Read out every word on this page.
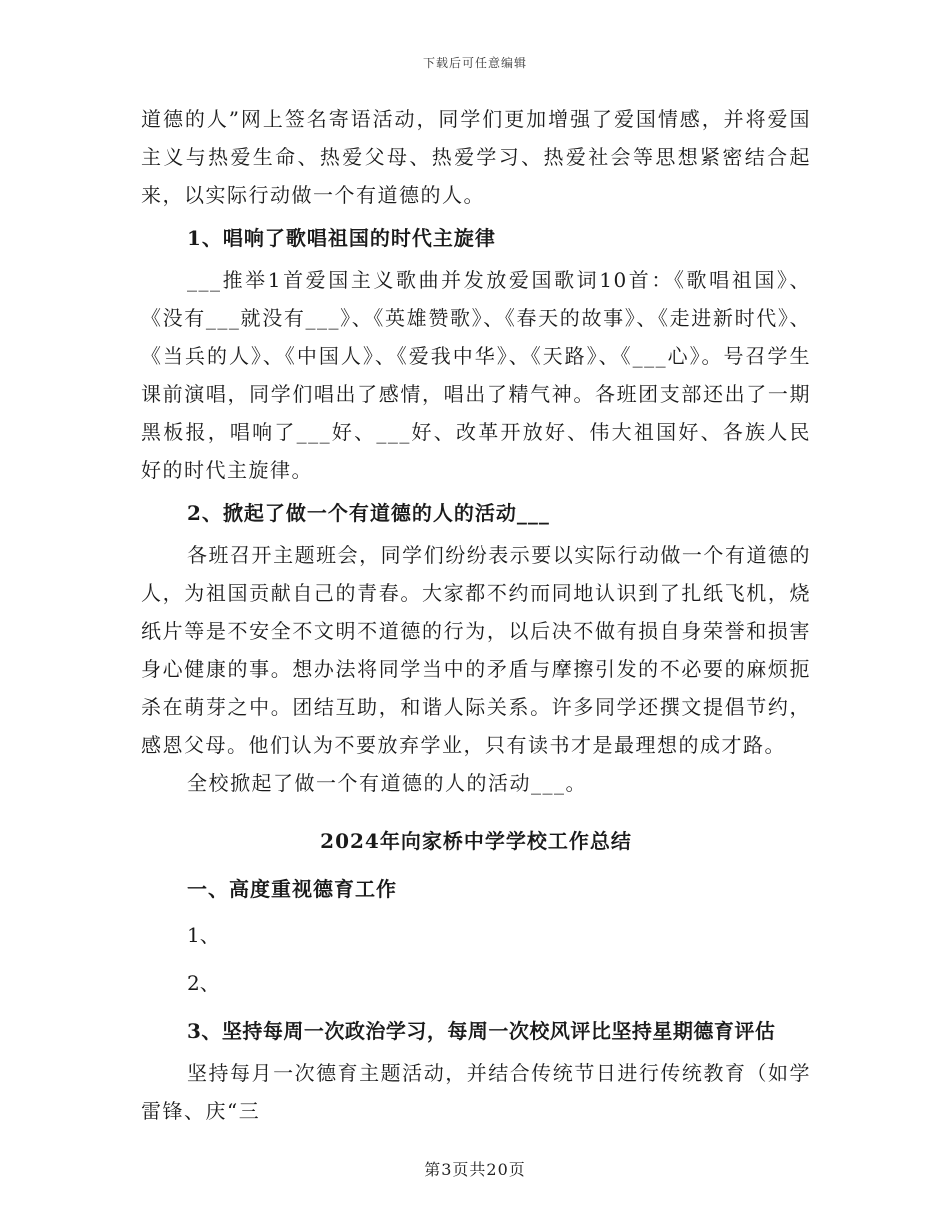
下载后可任意编辑

道德的人”网上签名寄语活动，同学们更加增强了爱国情感，并将爱国主义与热爱生命、热爱父母、热爱学习、热爱社会等思想紧密结合起来，以实际行动做一个有道德的人。

1、唱响了歌唱祖国的时代主旋律

___推举1首爱国主义歌曲并发放爱国歌词10首：《歌唱祖国》、《没有___就没有___》、《英雄赞歌》、《春天的故事》、《走进新时代》、《当兵的人》、《中国人》、《爱我中华》、《天路》、《___心》。号召学生课前演唱，同学们唱出了感情，唱出了精气神。各班团支部还出了一期黑板报，唱响了___好、___好、改革开放好、伟大祖国好、各族人民好的时代主旋律。

2、掀起了做一个有道德的人的活动___

各班召开主题班会，同学们纷纷表示要以实际行动做一个有道德的人，为祖国贡献自己的青春。大家都不约而同地认识到了扎纸飞机，烧纸片等是不安全不文明不道德的行为，以后决不做有损自身荣誉和损害身心健康的事。想办法将同学当中的矛盾与摩擦引发的不必要的麻烦扼杀在萌芽之中。团结互助，和谐人际关系。许多同学还撰文提倡节约，感恩父母。他们认为不要放弃学业，只有读书才是最理想的成才路。

全校掀起了做一个有道德的人的活动___。

2024年向家桥中学学校工作总结

一、高度重视德育工作

1、

2、

3、坚持每周一次政治学习，每周一次校风评比坚持星期德育评估

坚持每月一次德育主题活动，并结合传统节日进行传统教育（如学雷锋、庆“三

第3页共20页
